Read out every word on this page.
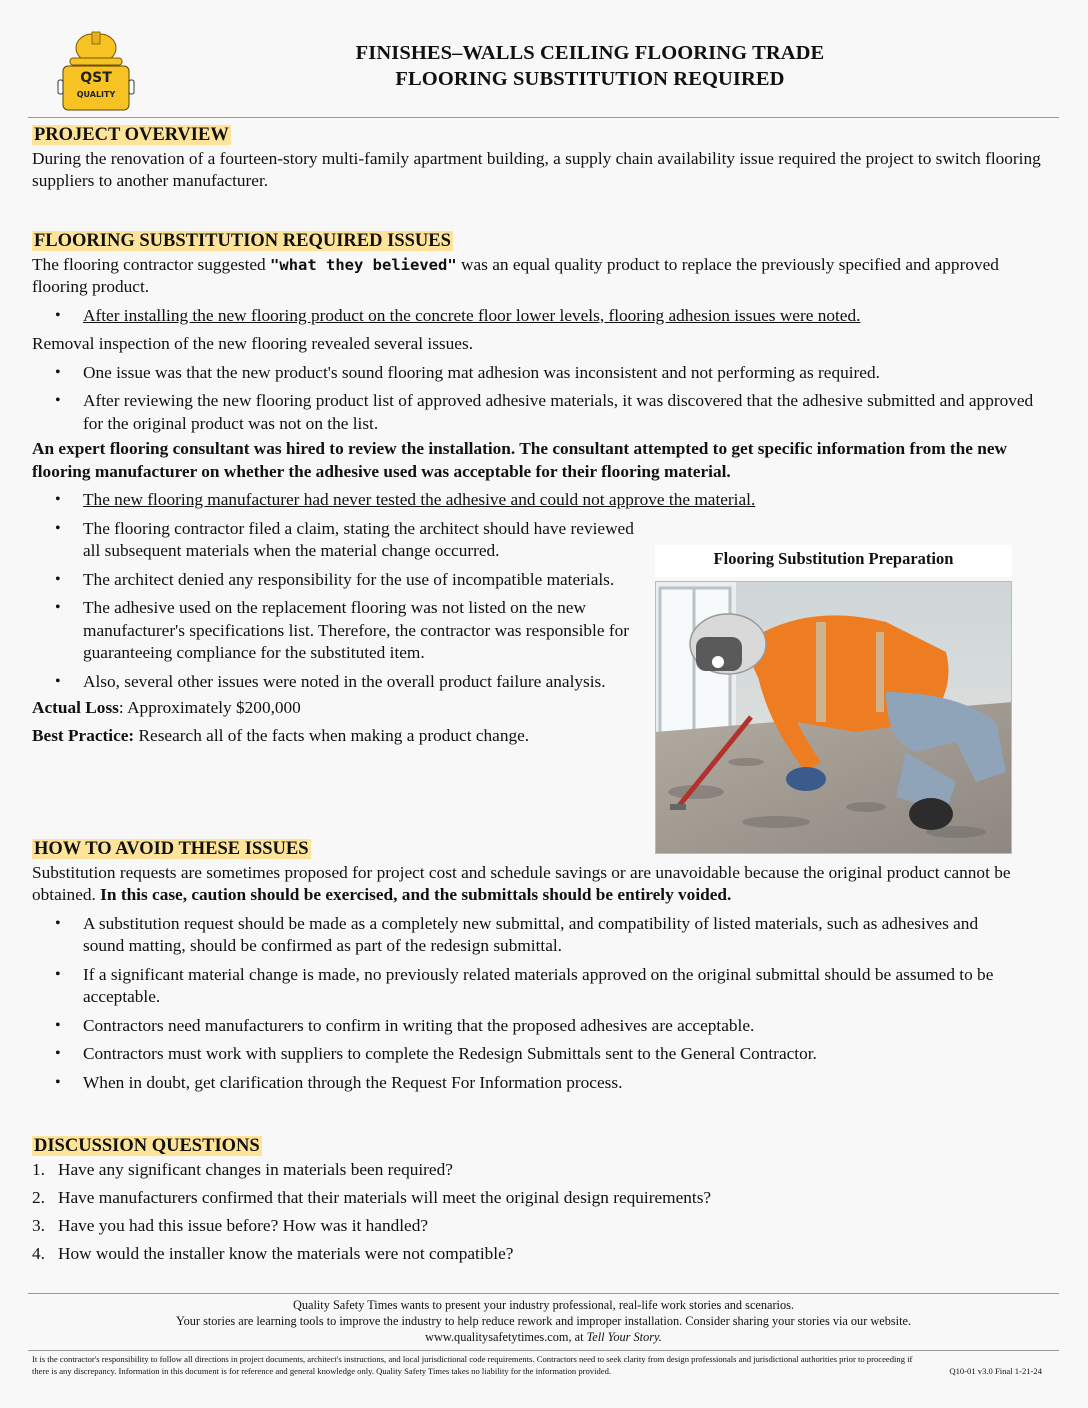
QST
QUALITY
FINISHES–WALLS CEILING FLOORING TRADE
FLOORING SUBSTITUTION REQUIRED
PROJECT OVERVIEW

During the renovation of a fourteen-story multi-family apartment building, a supply chain availability issue required the project to switch flooring suppliers to another manufacturer.

FLOORING SUBSTITUTION REQUIRED ISSUES

The flooring contractor suggested "what they believed" was an equal quality product to replace the previously specified and approved flooring product.

• After installing the new flooring product on the concrete floor lower levels, flooring adhesion issues were noted.

Removal inspection of the new flooring revealed several issues.

• One issue was that the new product's sound flooring mat adhesion was inconsistent and not performing as required.
• After reviewing the new flooring product list of approved adhesive materials, it was discovered that the adhesive submitted and approved for the original product was not on the list.

An expert flooring consultant was hired to review the installation. The consultant attempted to get specific information from the new flooring manufacturer on whether the adhesive used was acceptable for their flooring material.

• The new flooring manufacturer had never tested the adhesive and could not approve the material.
• The flooring contractor filed a claim, stating the architect should have reviewed all subsequent materials when the material change occurred.
• The architect denied any responsibility for the use of incompatible materials.
• The adhesive used on the replacement flooring was not listed on the new manufacturer's specifications list. Therefore, the contractor was responsible for guaranteeing compliance for the substituted item.
• Also, several other issues were noted in the overall product failure analysis.

Actual Loss: Approximately $200,000

Best Practice: Research all of the facts when making a product change.

Flooring Substitution Preparation
HOW TO AVOID THESE ISSUES

Substitution requests are sometimes proposed for project cost and schedule savings or are unavoidable because the original product cannot be obtained. In this case, caution should be exercised, and the submittals should be entirely voided.

• A substitution request should be made as a completely new submittal, and compatibility of listed materials, such as adhesives and sound matting, should be confirmed as part of the redesign submittal.
• If a significant material change is made, no previously related materials approved on the original submittal should be assumed to be acceptable.
• Contractors need manufacturers to confirm in writing that the proposed adhesives are acceptable.
• Contractors must work with suppliers to complete the Redesign Submittals sent to the General Contractor.
• When in doubt, get clarification through the Request For Information process.
DISCUSSION QUESTIONS
1. Have any significant changes in materials been required?
2. Have manufacturers confirmed that their materials will meet the original design requirements?
3. Have you had this issue before? How was it handled?
4. How would the installer know the materials were not compatible?
Quality Safety Times wants to present your industry professional, real-life work stories and scenarios.
Your stories are learning tools to improve the industry to help reduce rework and improper installation. Consider sharing your stories via our website.
www.qualitysafetytimes.com, at Tell Your Story.
It is the contractor's responsibility to follow all directions in project documents, architect's instructions, and local jurisdictional code requirements. Contractors need to seek clarity from design professionals and jurisdictional authorities prior to proceeding if there is any discrepancy. Information in this document is for reference and general knowledge only. Quality Safety Times takes no liability for the information provided.	Q10-01 v3.0 Final 1-21-24
